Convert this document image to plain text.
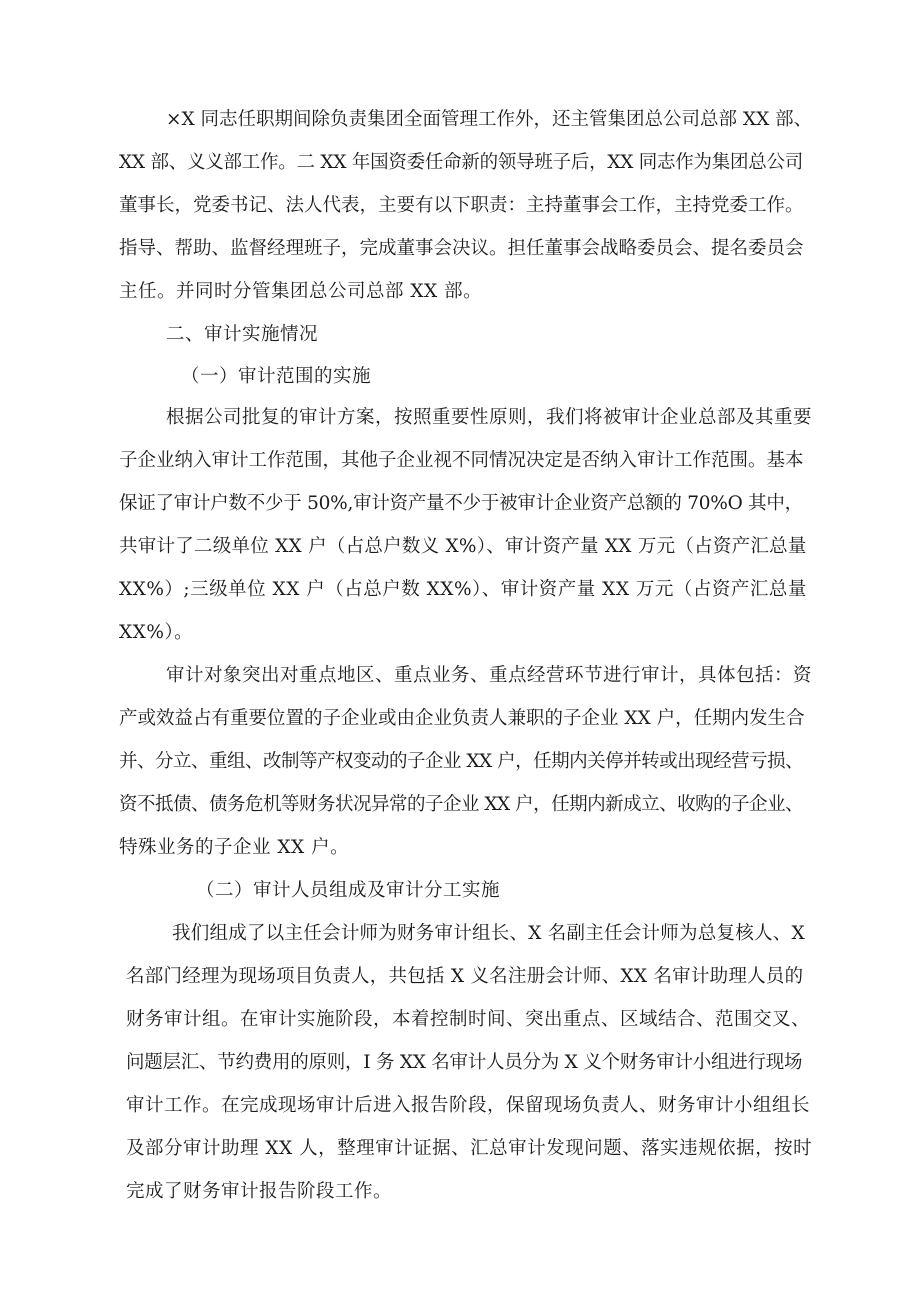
×X 同志任职期间除负责集团全面管理工作外，还主管集团总公司总部 XX 部、
XX 部、义义部工作。二 XX 年国资委任命新的领导班子后，XX 同志作为集团总公司
董事长，党委书记、法人代表，主要有以下职责：主持董事会工作，主持党委工作。
指导、帮助、监督经理班子，完成董事会决议。担任董事会战略委员会、提名委员会
主任。并同时分管集团总公司总部 XX 部。
二、审计实施情况
（一）审计范围的实施
根据公司批复的审计方案，按照重要性原则，我们将被审计企业总部及其重要
子企业纳入审计工作范围，其他子企业视不同情况决定是否纳入审计工作范围。基本
保证了审计户数不少于 50%,审计资产量不少于被审计企业资产总额的 70%O 其中，
共审计了二级单位 XX 户（占总户数义 X%）、审计资产量 XX 万元（占资产汇总量
XX%）;三级单位 XX 户（占总户数 XX%）、审计资产量 XX 万元（占资产汇总量
XX%）。
审计对象突出对重点地区、重点业务、重点经营环节进行审计，具体包括：资
产或效益占有重要位置的子企业或由企业负责人兼职的子企业 XX 户，任期内发生合
并、分立、重组、改制等产权变动的子企业 XX 户，任期内关停并转或出现经营亏损、
资不抵债、债务危机等财务状况异常的子企业 XX 户，任期内新成立、收购的子企业、
特殊业务的子企业 XX 户。
（二）审计人员组成及审计分工实施
我们组成了以主任会计师为财务审计组长、X 名副主任会计师为总复核人、X
名部门经理为现场项目负责人，共包括 X 义名注册会计师、XX 名审计助理人员的
财务审计组。在审计实施阶段，本着控制时间、突出重点、区域结合、范围交叉、
问题层汇、节约费用的原则，I 务 XX 名审计人员分为 X 义个财务审计小组进行现场
审计工作。在完成现场审计后进入报告阶段，保留现场负责人、财务审计小组组长
及部分审计助理 XX 人，整理审计证据、汇总审计发现问题、落实违规依据，按时
完成了财务审计报告阶段工作。
